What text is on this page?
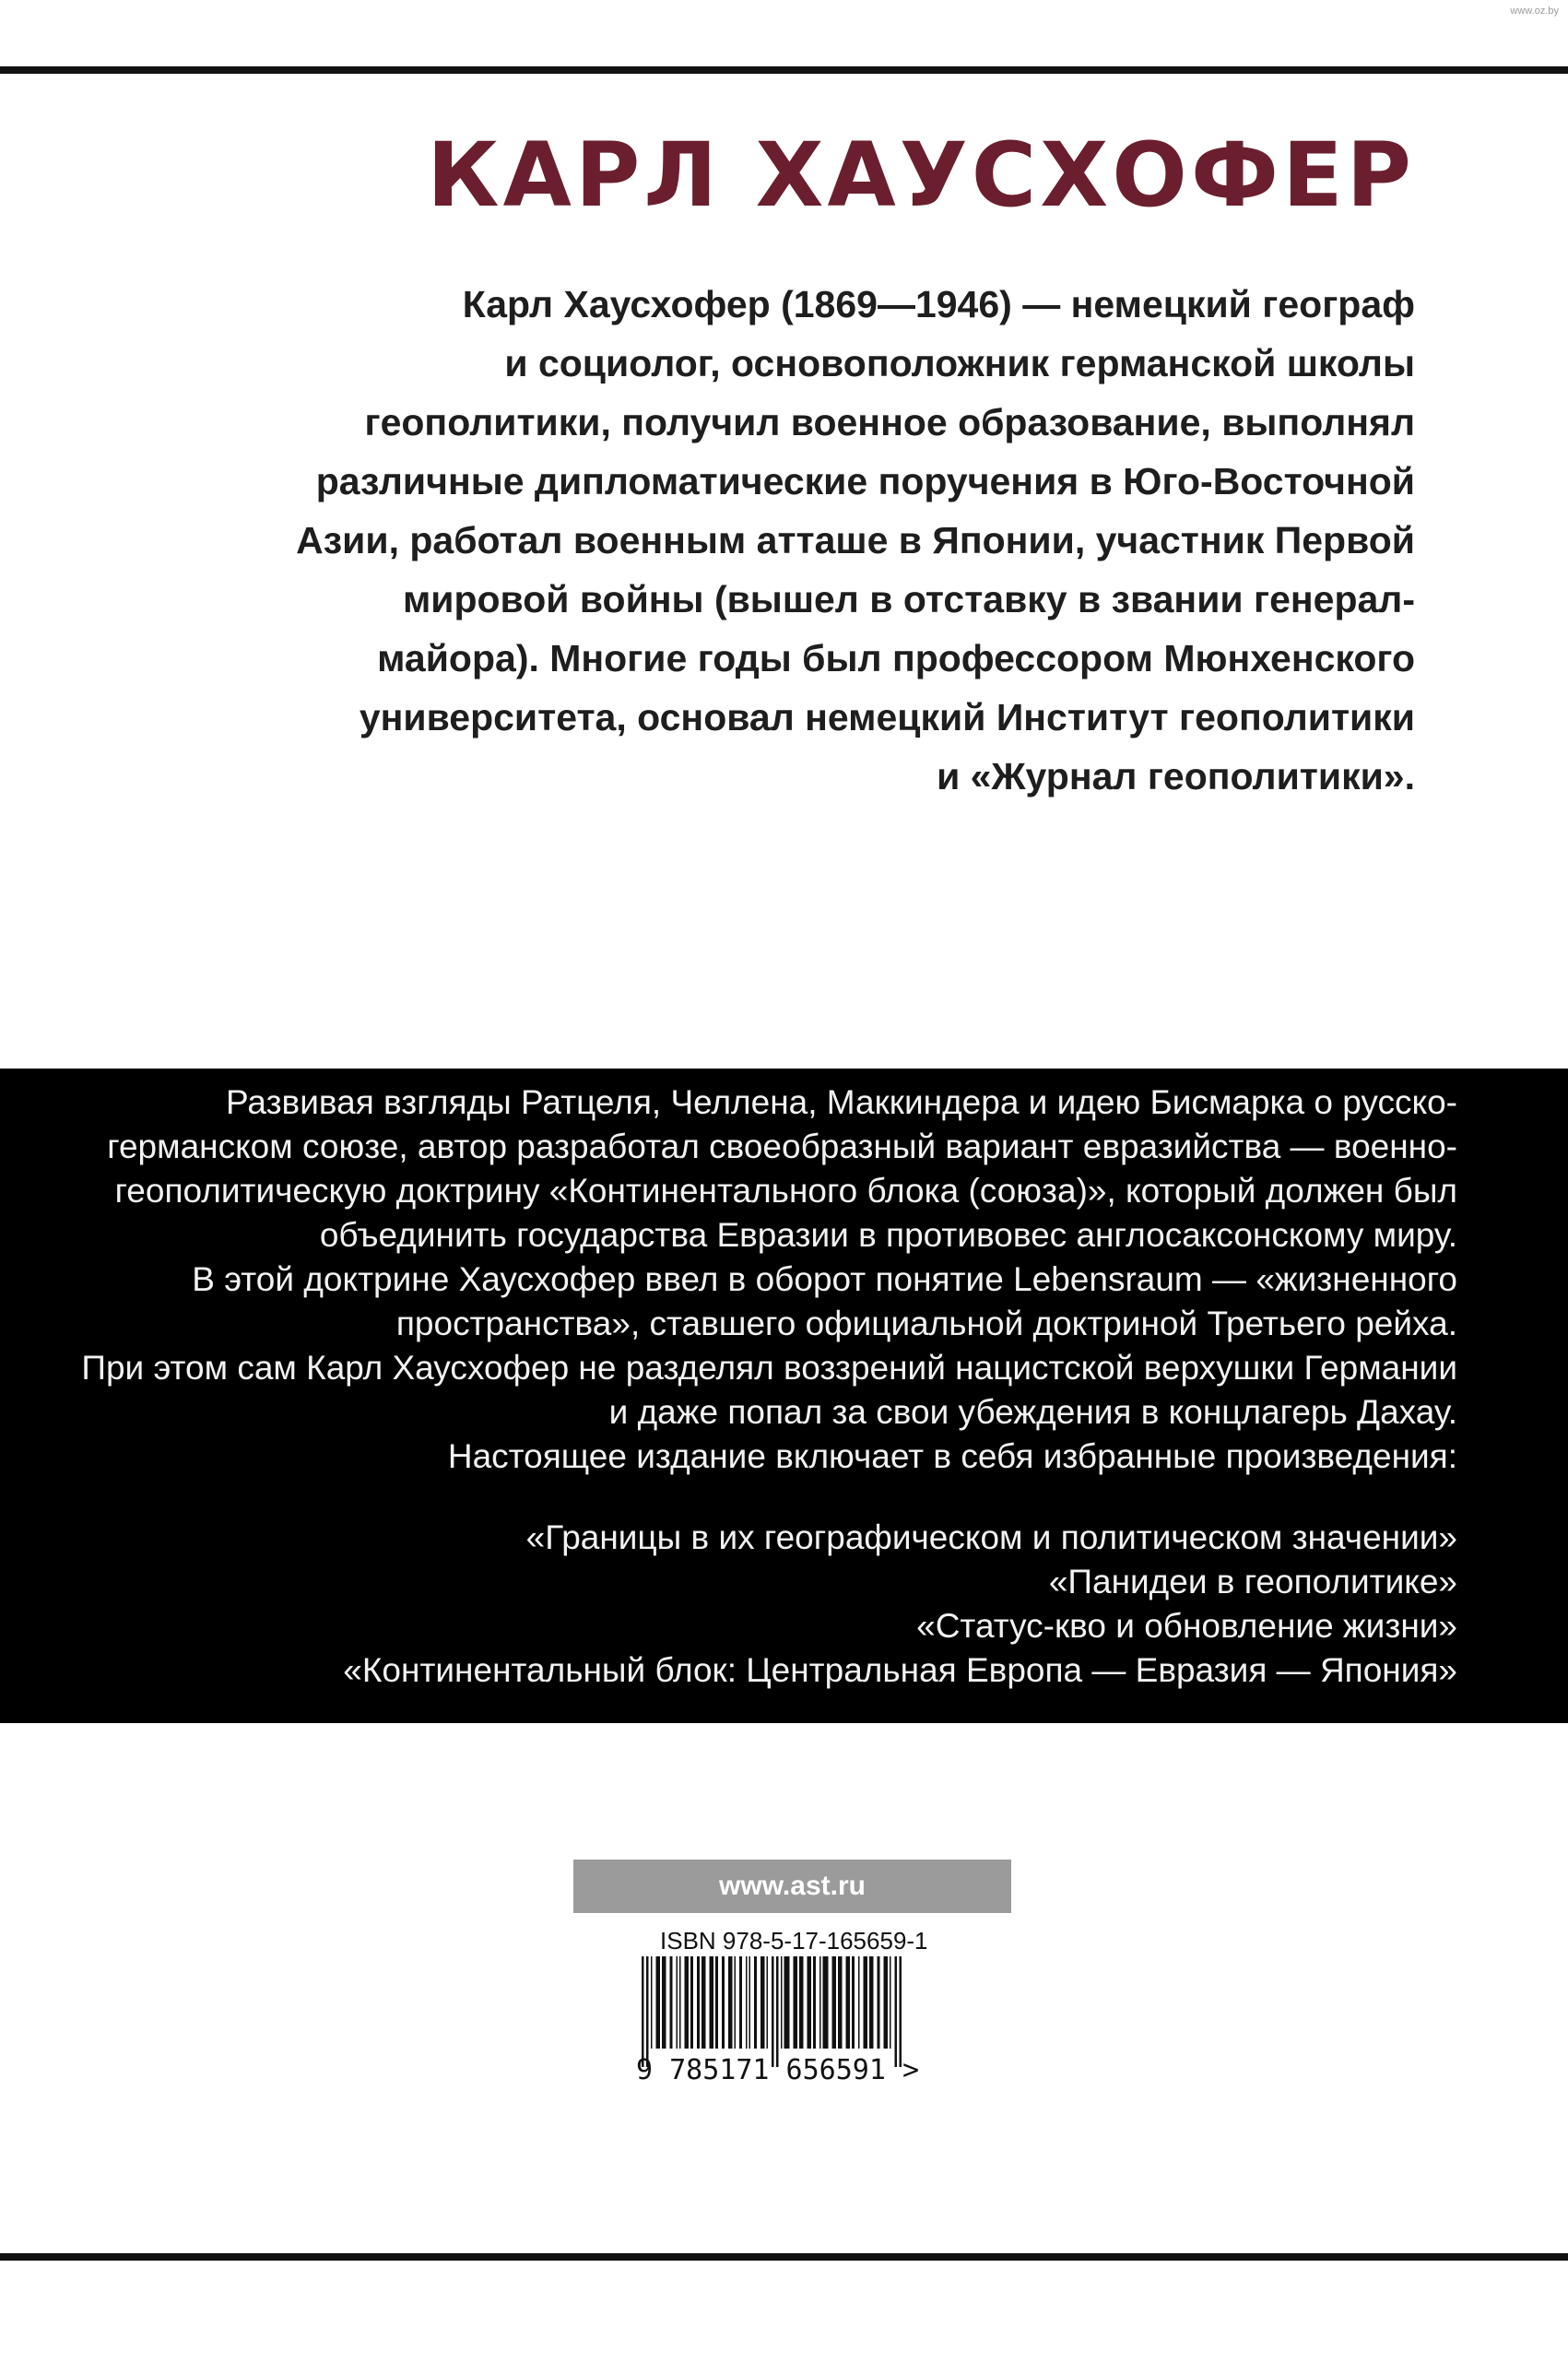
www.oz.by
КАРЛ ХАУСХОФЕР
Карл Хаусхофер (1869—1946) — немецкий географ
и социолог, основоположник германской школы
геополитики, получил военное образование, выполнял
различные дипломатические поручения в Юго-Восточной
Азии, работал военным атташе в Японии, участник Первой
мировой войны (вышел в отставку в звании генерал-
майора). Многие годы был профессором Мюнхенского
университета, основал немецкий Институт геополитики
и «Журнал геополитики».
Развивая взгляды Ратцеля, Челлена, Маккиндера и идею Бисмарка о русско-
германском союзе, автор разработал своеобразный вариант евразийства — военно-
геополитическую доктрину «Континентального блока (союза)», который должен был
объединить государства Евразии в противовес англосаксонскому миру.
В этой доктрине Хаусхофер ввел в оборот понятие Lebensraum — «жизненного
пространства», ставшего официальной доктриной Третьего рейха.
При этом сам Карл Хаусхофер не разделял воззрений нацистской верхушки Германии
и даже попал за свои убеждения в концлагерь Дахау.
Настоящее издание включает в себя избранные произведения:
«Границы в их географическом и политическом значении»
«Панидеи в геополитике»
«Статус-кво и обновление жизни»
«Континентальный блок: Центральная Европа — Евразия — Япония»
www.ast.ru
ISBN 978-5-17-165659-1
9 785171 656591 >
